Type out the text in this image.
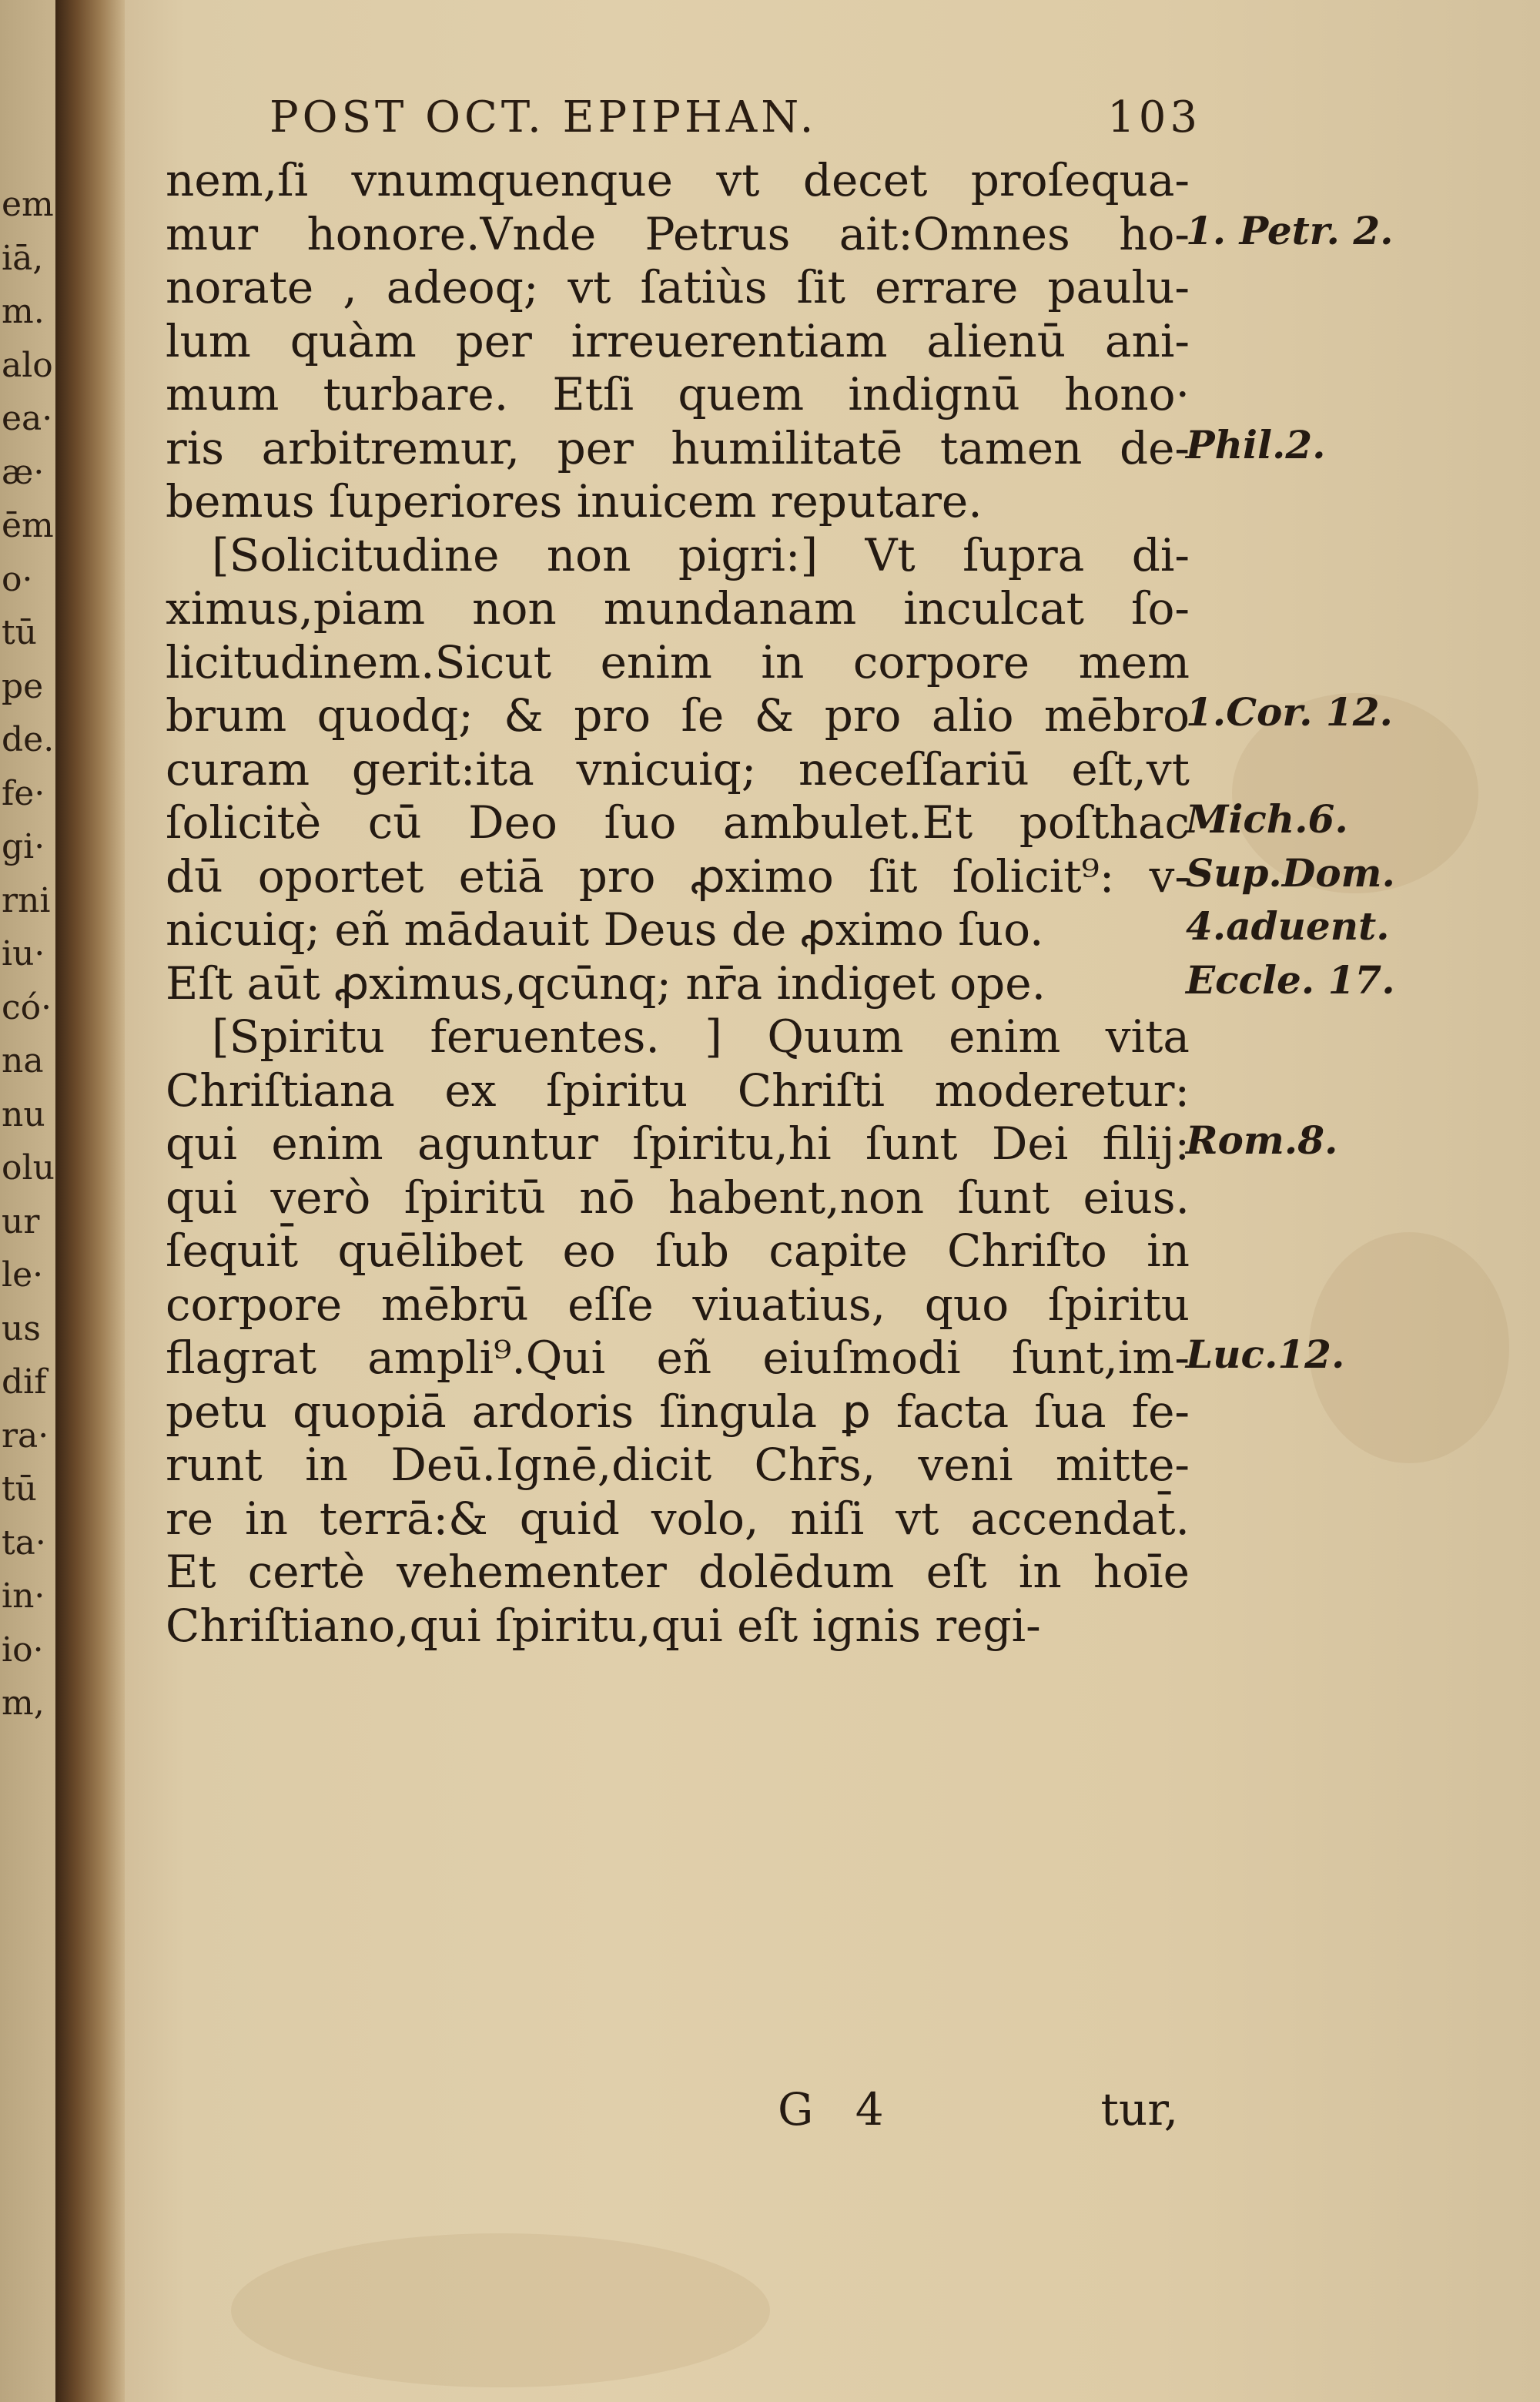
em
iā,
m.
alo
ea·
æ·
ēm
o·
tū
pe
de.
fe·
gi·
rni
iu·
có·
na
nu
olu
ur
le·
us
dif
ra·
tū
ta·
in·
io·
m,
POST OCT. EPIPHAN.	103
nem,ſi vnumquenque vt decet proſequa-
mur honore.Vnde Petrus ait:Omnes ho-
norate , adeoq; vt ſatiùs ſit errare paulu-
lum quàm per irreuerentiam alienū ani-
mum turbare. Etſi quem indignū hono·
ris arbitremur, per humilitatē tamen de-
bemus ſuperiores inuicem reputare.
[Solicitudine non pigri:] Vt ſupra di-
ximus,piam non mundanam inculcat ſo-
licitudinem.Sicut enim in corpore mem
brum quodq; & pro ſe & pro alio mēbro
curam gerit:ita vnicuiq; neceſſariū eſt,vt
ſolicitè cū Deo ſuo ambulet.Et poſthac
dū oportet etiā pro ꝓximo ſit ſolicit⁹: v-
nicuiq; eñ mādauit Deus de ꝓximo ſuo.
Eſt aūt ꝓximus,qcūnq; nr̄a indiget ope.
[Spiritu feruentes. ] Quum enim vita
Chriſtiana ex ſpiritu Chriſti moderetur:
qui enim aguntur ſpiritu,hi ſunt Dei filij:
qui verò ſpiritū nō habent,non ſunt eius.
ſequit̄ quēlibet eo ſub capite Chriſto in
corpore mēbrū eſſe viuatius, quo ſpiritu
flagrat ampli⁹.Qui eñ eiuſmodi ſunt,im-
petu quopiā ardoris ſingula ꝑ facta ſua fe-
runt in Deū.Ignē,dicit Chr̄s, veni mitte-
re in terrā:& quid volo, niſi vt accendat̄.
Et certè vehementer dolēdum eſt in hoīe
Chriſtiano,qui ſpiritu,qui eſt ignis regi-
1. Petr. 2.
Phil.2.
1.Cor. 12.
Mich.6.
Sup.Dom.
4.aduent.
Eccle. 17.
Rom.8.
Luc.12.
G 4	tur,
